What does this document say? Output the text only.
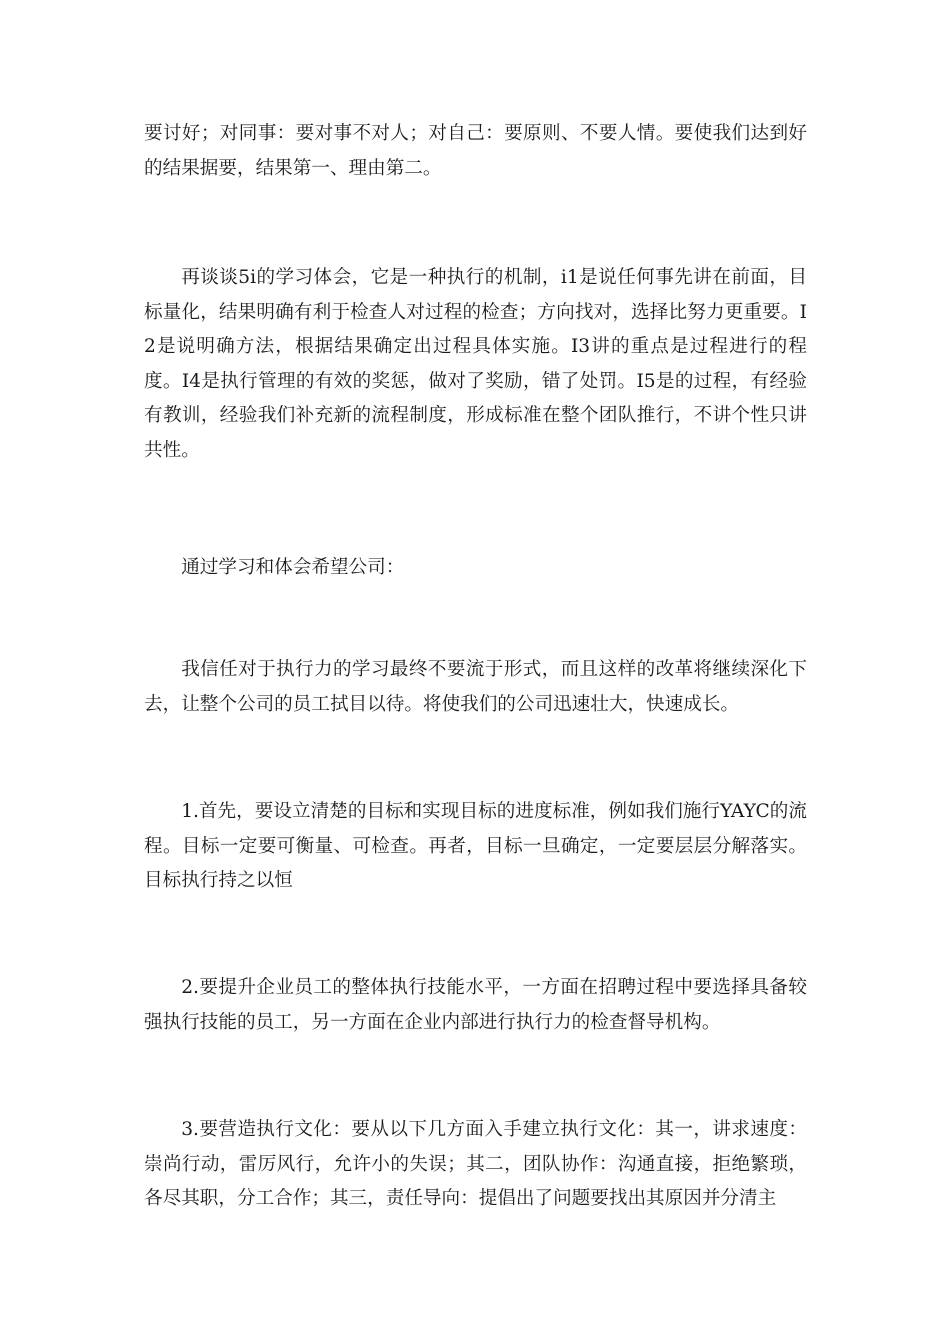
要讨好；对同事：要对事不对人；对自己：要原则、不要人情。要使我们达到好的结果据要，结果第一、理由第二。

再谈谈5i的学习体会，它是一种执行的机制，i1是说任何事先讲在前面，目标量化，结果明确有利于检查人对过程的检查；方向找对，选择比努力更重要。I2是说明确方法，根据结果确定出过程具体实施。I3讲的重点是过程进行的程度。I4是执行管理的有效的奖惩，做对了奖励，错了处罚。I5是的过程，有经验有教训，经验我们补充新的流程制度，形成标准在整个团队推行，不讲个性只讲共性。

通过学习和体会希望公司：

我信任对于执行力的学习最终不要流于形式，而且这样的改革将继续深化下去，让整个公司的员工拭目以待。将使我们的公司迅速壮大，快速成长。

1.首先，要设立清楚的目标和实现目标的进度标准，例如我们施行YAYC的流程。目标一定要可衡量、可检查。再者，目标一旦确定，一定要层层分解落实。目标执行持之以恒

2.要提升企业员工的整体执行技能水平，一方面在招聘过程中要选择具备较强执行技能的员工，另一方面在企业内部进行执行力的检查督导机构。

3.要营造执行文化：要从以下几方面入手建立执行文化：其一，讲求速度：崇尚行动，雷厉风行，允许小的失误；其二，团队协作：沟通直接，拒绝繁琐，各尽其职，分工合作；其三，责任导向：提倡出了问题要找出其原因并分清主
